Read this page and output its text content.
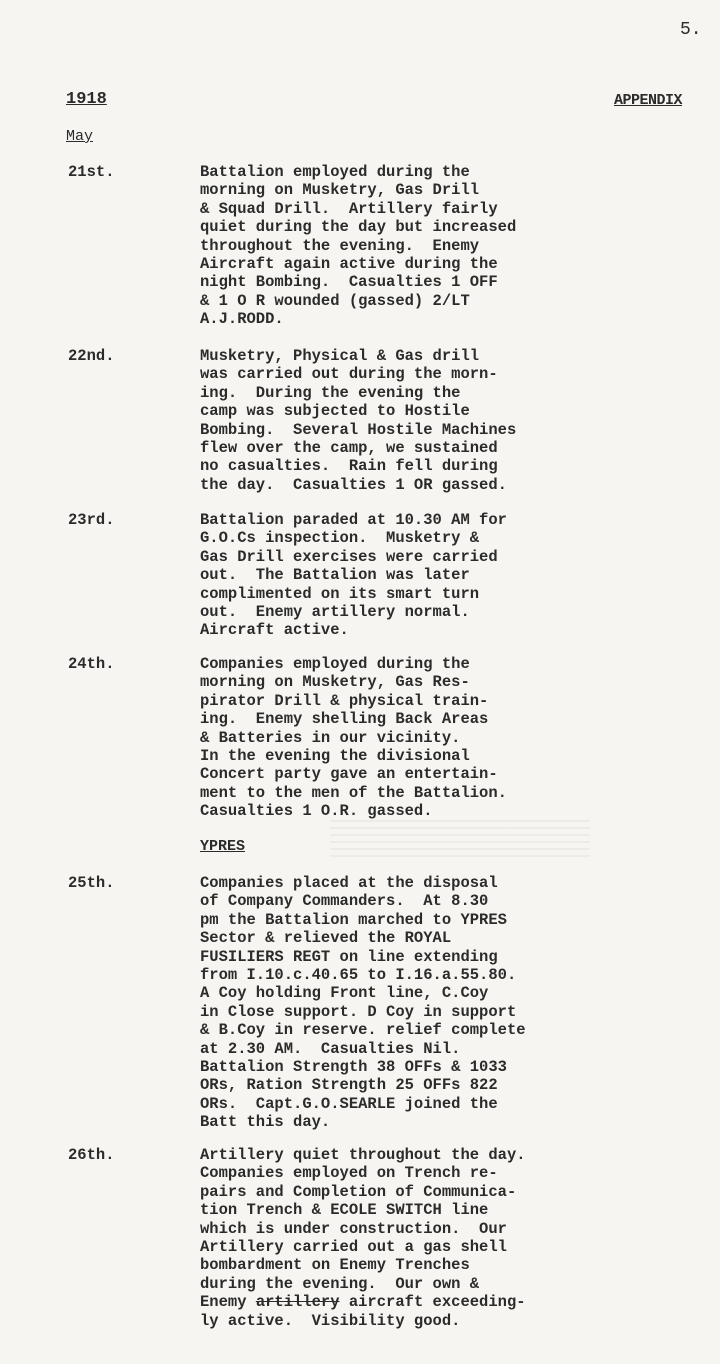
5.
1918	APPENDIX
May
21st.	Battalion employed during the
morning on Musketry, Gas Drill
& Squad Drill.  Artillery fairly
quiet during the day but increased
throughout the evening.  Enemy
Aircraft again active during the
night Bombing.  Casualties 1 OFF
& 1 O R wounded (gassed) 2/LT
A.J.RODD.
22nd.	Musketry, Physical & Gas drill
was carried out during the morn-
ing.  During the evening the
camp was subjected to Hostile
Bombing.  Several Hostile Machines
flew over the camp, we sustained
no casualties.  Rain fell during
the day.  Casualties 1 OR gassed.
23rd.	Battalion paraded at 10.30 AM for
G.O.Cs inspection.  Musketry &
Gas Drill exercises were carried
out.  The Battalion was later
complimented on its smart turn
out.  Enemy artillery normal.
Aircraft active.
24th.	Companies employed during the
morning on Musketry, Gas Res-
pirator Drill & physical train-
ing.  Enemy shelling Back Areas
& Batteries in our vicinity.
In the evening the divisional
Concert party gave an entertain-
ment to the men of the Battalion.
Casualties 1 O.R. gassed.
YPRES
25th.	Companies placed at the disposal
of Company Commanders.  At 8.30
pm the Battalion marched to YPRES
Sector & relieved the ROYAL
FUSILIERS REGT on line extending
from I.10.c.40.65 to I.16.a.55.80.
A Coy holding Front line, C.Coy
in Close support. D Coy in support
& B.Coy in reserve. relief complete
at 2.30 AM.  Casualties Nil.
Battalion Strength 38 OFFs & 1033
ORs, Ration Strength 25 OFFs 822
ORs.  Capt.G.O.SEARLE joined the
Batt this day.
26th.	Artillery quiet throughout the day.
Companies employed on Trench re-
pairs and Completion of Communica-
tion Trench & ECOLE SWITCH line
which is under construction.  Our
Artillery carried out a gas shell
bombardment on Enemy Trenches
during the evening.  Our own &
Enemy artillery aircraft exceeding-
ly active.  Visibility good.
